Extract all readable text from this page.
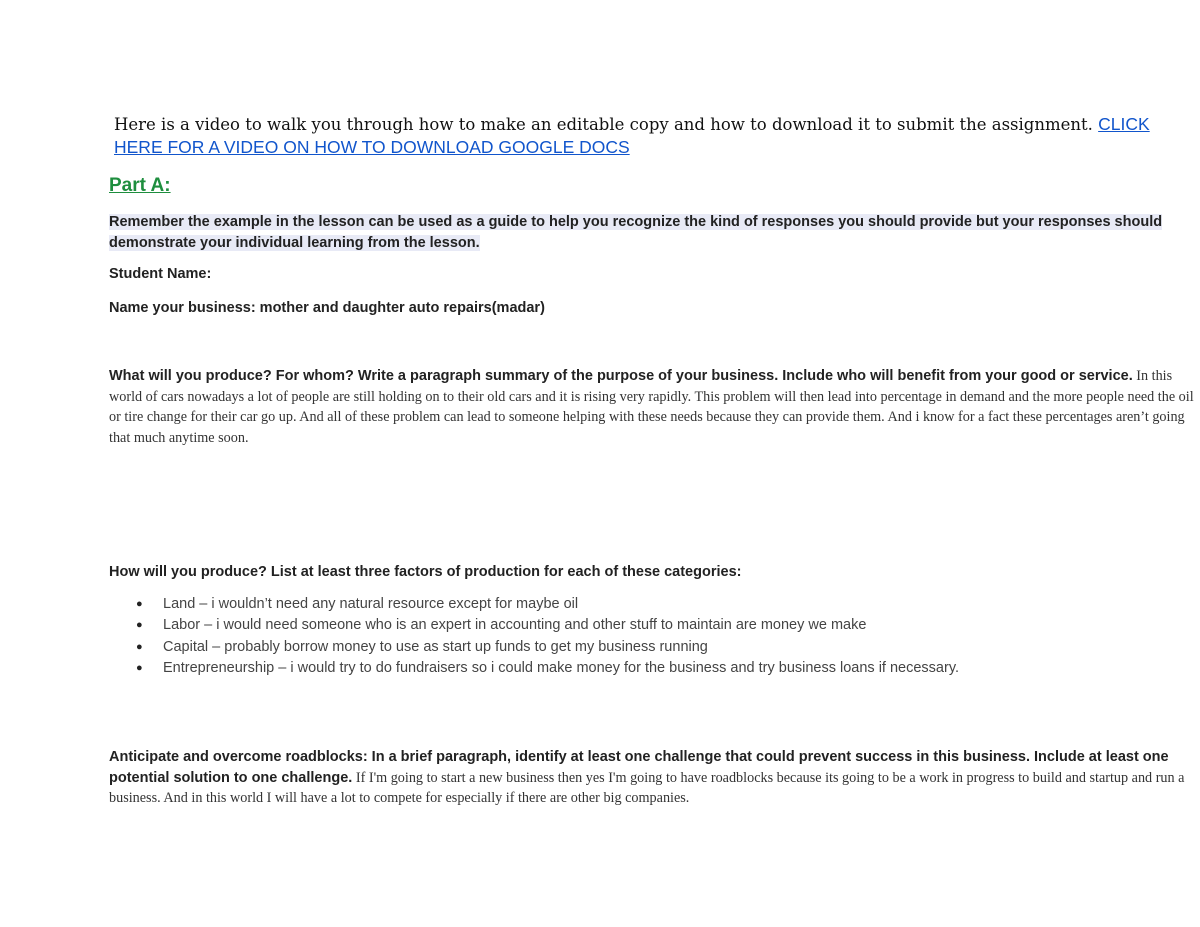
Here is a video to walk you through how to make an editable copy and how to download it to submit the assignment. CLICK HERE FOR A VIDEO ON HOW TO DOWNLOAD GOOGLE DOCS
Part A:
Remember the example in the lesson can be used as a guide to help you recognize the kind of responses you should provide but your responses should demonstrate your individual learning from the lesson.
Student Name:
Name your business: mother and daughter auto repairs(madar)
What will you produce? For whom? Write a paragraph summary of the purpose of your business. Include who will benefit from your good or service. In this world of cars nowadays a lot of people are still holding on to their old cars and it is rising very rapidly. This problem will then lead into percentage in demand and the more people need the oil or tire change for their car go up. And all of these problem can lead to someone helping with these needs because they can provide them. And i know for a fact these percentages aren’t going that much anytime soon.
How will you produce? List at least three factors of production for each of these categories:
● Land – i wouldn’t need any natural resource except for maybe oil
● Labor – i would need someone who is an expert in accounting and other stuff to maintain are money we make
● Capital – probably borrow money to use as start up funds to get my business running
● Entrepreneurship – i would try to do fundraisers so i could make money for the business and try business loans if necessary.
Anticipate and overcome roadblocks: In a brief paragraph, identify at least one challenge that could prevent success in this business. Include at least one potential solution to one challenge. If I'm going to start a new business then yes I'm going to have roadblocks because its going to be a work in progress to build and startup and run a business. And in this world I will have a lot to compete for especially if there are other big companies.
